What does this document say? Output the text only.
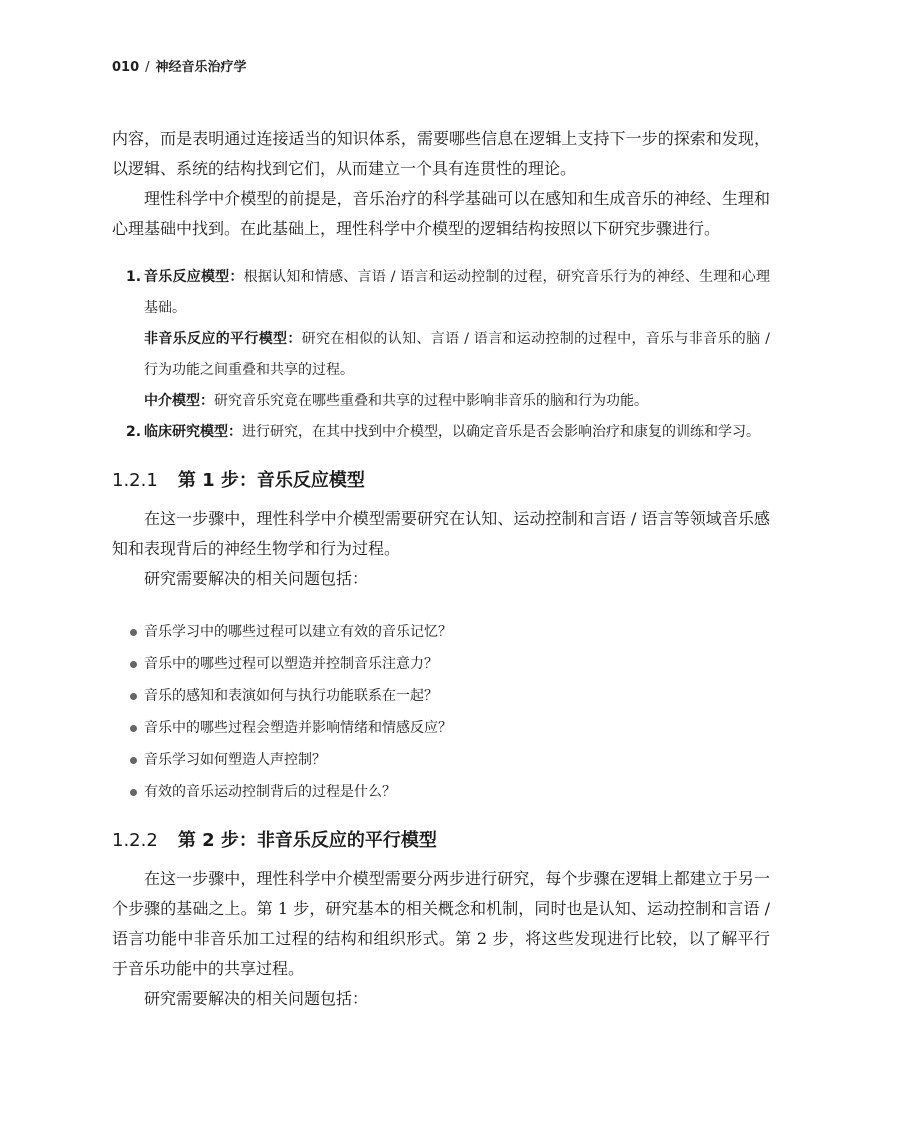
010 / 神经音乐治疗学

内容，而是表明通过连接适当的知识体系，需要哪些信息在逻辑上支持下一步的探索和发现，以逻辑、系统的结构找到它们，从而建立一个具有连贯性的理论。

理性科学中介模型的前提是，音乐治疗的科学基础可以在感知和生成音乐的神经、生理和心理基础中找到。在此基础上，理性科学中介模型的逻辑结构按照以下研究步骤进行。

1. 音乐反应模型：根据认知和情感、言语 / 语言和运动控制的过程，研究音乐行为的神经、生理和心理基础。
非音乐反应的平行模型：研究在相似的认知、言语 / 语言和运动控制的过程中，音乐与非音乐的脑 / 行为功能之间重叠和共享的过程。
中介模型：研究音乐究竟在哪些重叠和共享的过程中影响非音乐的脑和行为功能。
2. 临床研究模型：进行研究，在其中找到中介模型，以确定音乐是否会影响治疗和康复的训练和学习。
1.2.1 第 1 步：音乐反应模型

在这一步骤中，理性科学中介模型需要研究在认知、运动控制和言语 / 语言等领域音乐感知和表现背后的神经生物学和行为过程。

研究需要解决的相关问题包括：

音乐学习中的哪些过程可以建立有效的音乐记忆？
音乐中的哪些过程可以塑造并控制音乐注意力？
音乐的感知和表演如何与执行功能联系在一起？
音乐中的哪些过程会塑造并影响情绪和情感反应？
音乐学习如何塑造人声控制？
有效的音乐运动控制背后的过程是什么？
1.2.2 第 2 步：非音乐反应的平行模型

在这一步骤中，理性科学中介模型需要分两步进行研究，每个步骤在逻辑上都建立于另一个步骤的基础之上。第 1 步，研究基本的相关概念和机制，同时也是认知、运动控制和言语 / 语言功能中非音乐加工过程的结构和组织形式。第 2 步，将这些发现进行比较，以了解平行于音乐功能中的共享过程。

研究需要解决的相关问题包括：
